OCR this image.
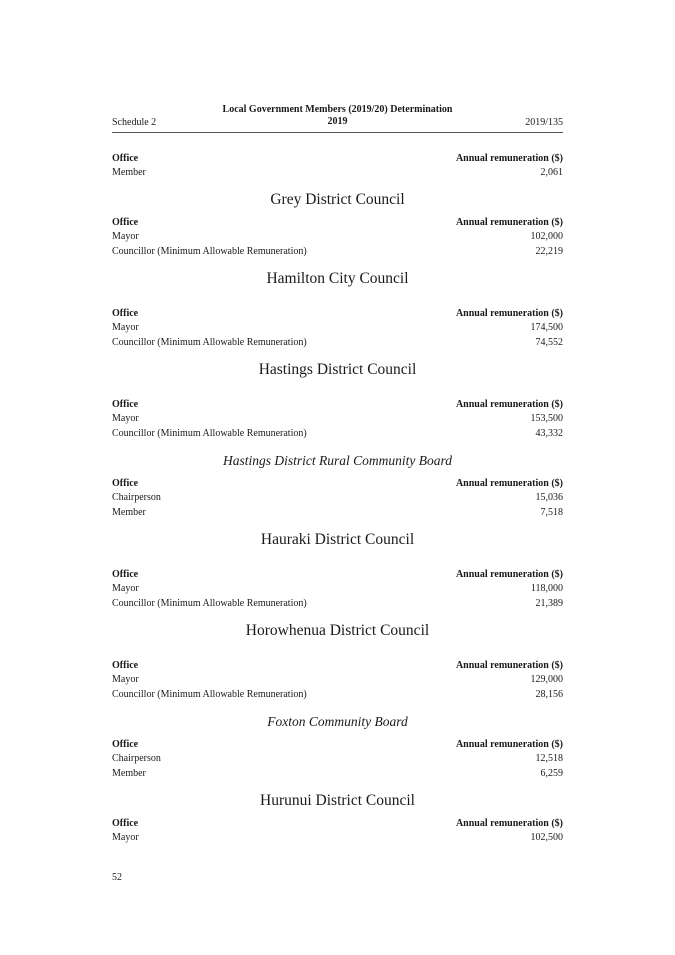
Schedule 2
Local Government Members (2019/20) Determination
2019	2019/135
Office	Annual remuneration ($)
Member	2,061
Grey District Council
Office	Annual remuneration ($)
Mayor	102,000
Councillor (Minimum Allowable Remuneration)	22,219
Hamilton City Council
Office	Annual remuneration ($)
Mayor	174,500
Councillor (Minimum Allowable Remuneration)	74,552
Hastings District Council
Office	Annual remuneration ($)
Mayor	153,500
Councillor (Minimum Allowable Remuneration)	43,332
Hastings District Rural Community Board
Office	Annual remuneration ($)
Chairperson	15,036
Member	7,518
Hauraki District Council
Office	Annual remuneration ($)
Mayor	118,000
Councillor (Minimum Allowable Remuneration)	21,389
Horowhenua District Council
Office	Annual remuneration ($)
Mayor	129,000
Councillor (Minimum Allowable Remuneration)	28,156
Foxton Community Board
Office	Annual remuneration ($)
Chairperson	12,518
Member	6,259
Hurunui District Council
Office	Annual remuneration ($)
Mayor	102,500
52
